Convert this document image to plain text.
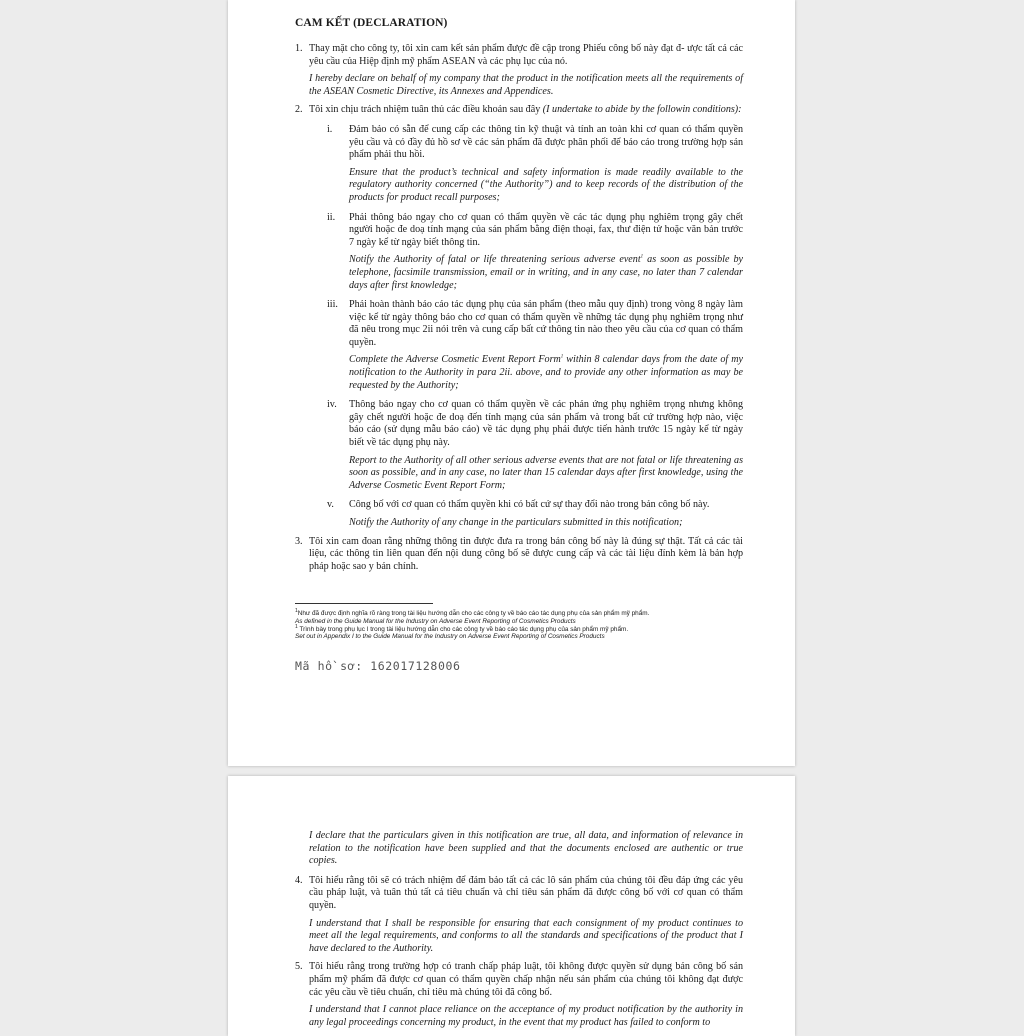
CAM KẾT (DECLARATION)
1. Thay mặt cho công ty, tôi xin cam kết sản phẩm được đề cập trong Phiếu công bố này đạt đ- ược tất cả các yêu cầu của Hiệp định mỹ phẩm ASEAN và các phụ lục của nó.

I hereby declare on behalf of my company that the product in the notification meets all the requirements of the ASEAN Cosmetic Directive, its Annexes and Appendices.

2. Tôi xin chịu trách nhiệm tuân thủ các điều khoản sau đây (I undertake to abide by the followin conditions):

i. Đảm bảo có sẵn để cung cấp các thông tin kỹ thuật và tính an toàn khi cơ quan có thẩm quyền yêu cầu và có đầy đủ hồ sơ về các sản phẩm đã được phân phối để báo cáo trong trường hợp sản phẩm phải thu hồi.

Ensure that the product’s technical and safety information is made readily available to the regulatory authority concerned (“the Authority”) and to keep records of the distribution of the products for product recall purposes;

ii. Phải thông báo ngay cho cơ quan có thẩm quyền về các tác dụng phụ nghiêm trọng gây chết người hoặc đe doạ tính mạng của sản phẩm bằng điện thoại, fax, thư điện tử hoặc văn bản trước 7 ngày kể từ ngày biết thông tin.

Notify the Authority of fatal or life threatening serious adverse event$^1$ as soon as possible by telephone, facsimile transmission, email or in writing, and in any case, no later than 7 calendar days after first knowledge;

iii. Phải hoàn thành báo cáo tác dụng phụ của sản phẩm (theo mẫu quy định) trong vòng 8 ngày làm việc kể từ ngày thông báo cho cơ quan có thẩm quyền về những tác dụng phụ nghiêm trọng như đã nêu trong mục 2ii nói trên và cung cấp bất cứ thông tin nào theo yêu cầu của cơ quan có thẩm quyền.

Complete the Adverse Cosmetic Event Report Form$^1$ within 8 calendar days from the date of my notification to the Authority in para 2ii. above, and to provide any other information as may be requested by the Authority;

iv. Thông báo ngay cho cơ quan có thẩm quyền về các phản ứng phụ nghiêm trọng nhưng không gây chết người hoặc đe doạ đến tính mạng của sản phẩm và trong bất cứ trường hợp nào, việc báo cáo (sử dụng mẫu báo cáo) về tác dụng phụ phải được tiến hành trước 15 ngày kể từ ngày biết về tác dụng phụ này.

Report to the Authority of all other serious adverse events that are not fatal or life threatening as soon as possible, and in any case, no later than 15 calendar days after first knowledge, using the Adverse Cosmetic Event Report Form;

v. Công bố với cơ quan có thẩm quyền khi có bất cứ sự thay đổi nào trong bản công bố này.

Notify the Authority of any change in the particulars submitted in this notification;

3. Tôi xin cam đoan rằng những thông tin được đưa ra trong bản công bố này là đúng sự thật. Tất cả các tài liệu, các thông tin liên quan đến nội dung công bố sẽ được cung cấp và các tài liệu đính kèm là bản hợp pháp hoặc sao y bản chính.

$^1$Như đã được định nghĩa rõ ràng trong tài liệu hướng dẫn cho các công ty về báo cáo tác dụng phụ của sản phẩm mỹ phẩm.
As defined in the Guide Manual for the Industry on Adverse Event Reporting of Cosmetics Products
$^1$ Trình bày trong phụ lục I trong tài liệu hướng dẫn cho các công ty về báo cáo tác dụng phụ của sản phẩm mỹ phẩm.
Set out in Appendix I to the Guide Manual for the Industry on Adverse Event Reporting of Cosmetics Products
Mã hồ sơ: 162017128006

I declare that the particulars given in this notification are true, all data, and information of relevance in relation to the notification have been supplied and that the documents enclosed are authentic or true copies.

4. Tôi hiểu rằng tôi sẽ có trách nhiệm để đảm bảo tất cả các lô sản phẩm của chúng tôi đều đáp ứng các yêu cầu pháp luật, và tuân thủ tất cả tiêu chuẩn và chỉ tiêu sản phẩm đã được công bố với cơ quan có thẩm quyền.

I understand that I shall be responsible for ensuring that each consignment of my product continues to meet all the legal requirements, and conforms to all the standards and specifications of the product that I have declared to the Authority.

5. Tôi hiểu rằng trong trường hợp có tranh chấp pháp luật, tôi không được quyền sử dụng bản công bố sản phẩm mỹ phẩm đã được cơ quan có thẩm quyền chấp nhận nếu sản phẩm của chúng tôi không đạt được các yêu cầu về tiêu chuẩn, chỉ tiêu mà chúng tôi đã công bố.

I understand that I cannot place reliance on the acceptance of my product notification by the authority in any legal proceedings concerning my product, in the event that my product has failed to conform to
